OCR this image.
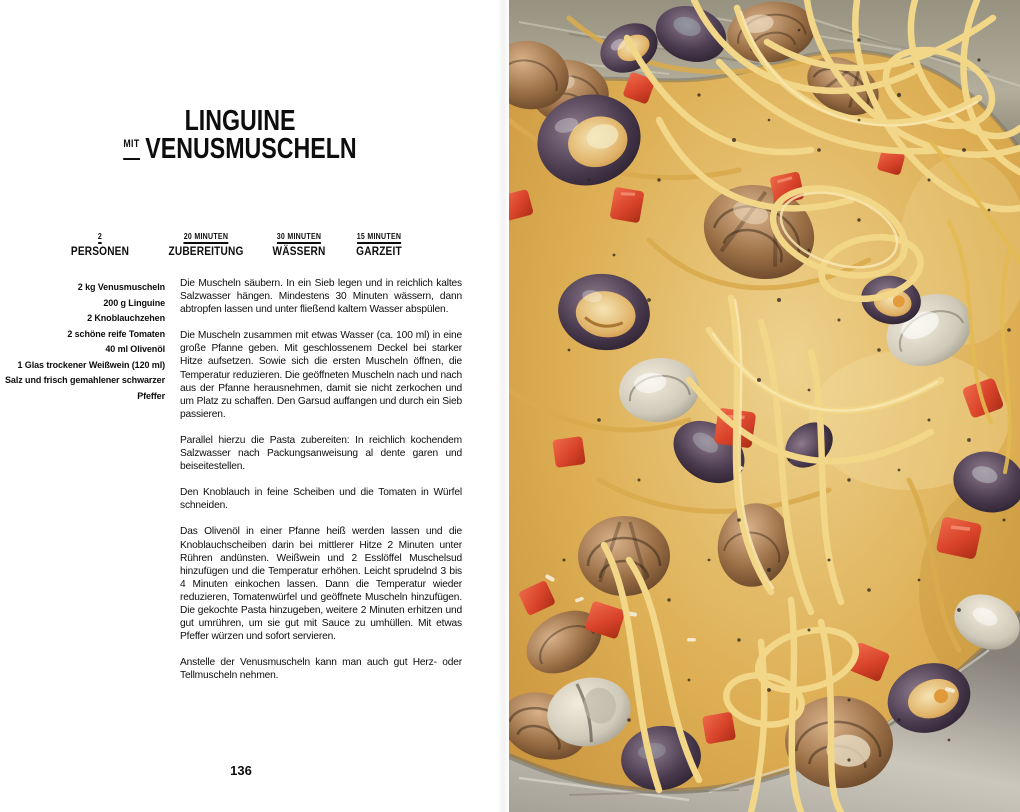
LINGUINE
MIT VENUSMUSCHELN
2
PERSONEN
20 MINUTEN
ZUBEREITUNG
30 MINUTEN
WÄSSERN
15 MINUTEN
GARZEIT
2 kg Venusmuscheln
200 g Linguine
2 Knoblauchzehen
2 schöne reife Tomaten
40 ml Olivenöl
1 Glas trockener Weißwein (120 ml)
Salz und frisch gemahlener schwarzer Pfeffer

Die Muscheln säubern. In ein Sieb legen und in reichlich kaltes Salzwasser hängen. Mindestens 30 Minuten wässern, dann abtropfen lassen und unter fließend kaltem Wasser abspülen.

Die Muscheln zusammen mit etwas Wasser (ca. 100 ml) in eine große Pfanne geben. Mit geschlossenem Deckel bei starker Hitze aufsetzen. Sowie sich die ersten Muscheln öffnen, die Temperatur reduzieren. Die geöffneten Muscheln nach und nach aus der Pfanne herausnehmen, damit sie nicht zerkochen und um Platz zu schaffen. Den Garsud auffangen und durch ein Sieb passieren.

Parallel hierzu die Pasta zubereiten: In reichlich kochendem Salzwasser nach Packungsanweisung al dente garen und beiseitestellen.

Den Knoblauch in feine Scheiben und die Tomaten in Würfel schneiden.

Das Olivenöl in einer Pfanne heiß werden lassen und die Knoblauchscheiben darin bei mittlerer Hitze 2 Minuten unter Rühren andünsten. Weißwein und 2 Esslöffel Muschelsud hinzufügen und die Temperatur erhöhen. Leicht sprudelnd 3 bis 4 Minuten einkochen lassen. Dann die Temperatur wieder reduzieren, Tomatenwürfel und geöffnete Muscheln hinzufügen. Die gekochte Pasta hinzugeben, weitere 2 Minuten erhitzen und gut umrühren, um sie gut mit Sauce zu umhüllen. Mit etwas Pfeffer würzen und sofort servieren.

Anstelle der Venusmuscheln kann man auch gut Herz- oder Tellmuscheln nehmen.

136
